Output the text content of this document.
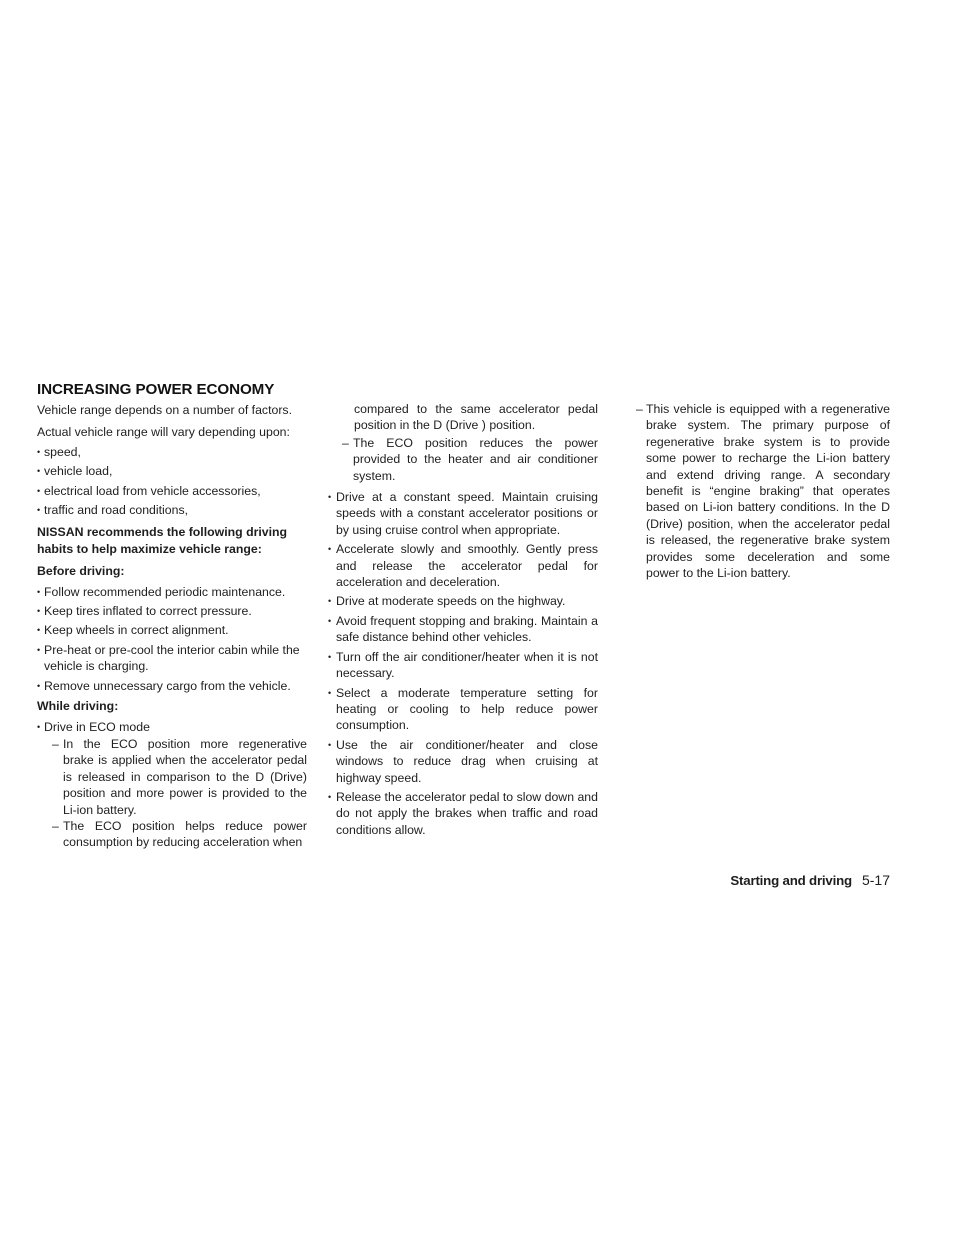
INCREASING POWER ECONOMY

Vehicle range depends on a number of factors.

Actual vehicle range will vary depending upon:

• speed,
• vehicle load,
• electrical load from vehicle accessories,
• traffic and road conditions,
NISSAN recommends the following driving habits to help maximize vehicle range:
Before driving:
• Follow recommended periodic maintenance.
• Keep tires inflated to correct pressure.
• Keep wheels in correct alignment.
• Pre-heat or pre-cool the interior cabin while the vehicle is charging.
• Remove unnecessary cargo from the vehicle.
While driving:
• Drive in ECO mode
– In the ECO position more regenerative brake is applied when the accelerator pedal is released in comparison to the D (Drive) position and more power is provided to the Li-ion battery.
– The ECO position helps reduce power consumption by reducing acceleration when
compared to the same accelerator pedal position in the D (Drive ) position.
– The ECO position reduces the power provided to the heater and air conditioner system.
• Drive at a constant speed. Maintain cruising speeds with a constant accelerator positions or by using cruise control when appropriate.
• Accelerate slowly and smoothly. Gently press and release the accelerator pedal for acceleration and deceleration.
• Drive at moderate speeds on the highway.
• Avoid frequent stopping and braking. Maintain a safe distance behind other vehicles.
• Turn off the air conditioner/heater when it is not necessary.
• Select a moderate temperature setting for heating or cooling to help reduce power consumption.
• Use the air conditioner/heater and close windows to reduce drag when cruising at highway speed.
• Release the accelerator pedal to slow down and do not apply the brakes when traffic and road conditions allow.
– This vehicle is equipped with a regenerative brake system. The primary purpose of regenerative brake system is to provide some power to recharge the Li-ion battery and extend driving range. A secondary benefit is “engine braking” that operates based on Li-ion battery conditions. In the D (Drive) position, when the accelerator pedal is released, the regenerative brake system provides some deceleration and some power to the Li-ion battery.
Starting and driving 5-17
